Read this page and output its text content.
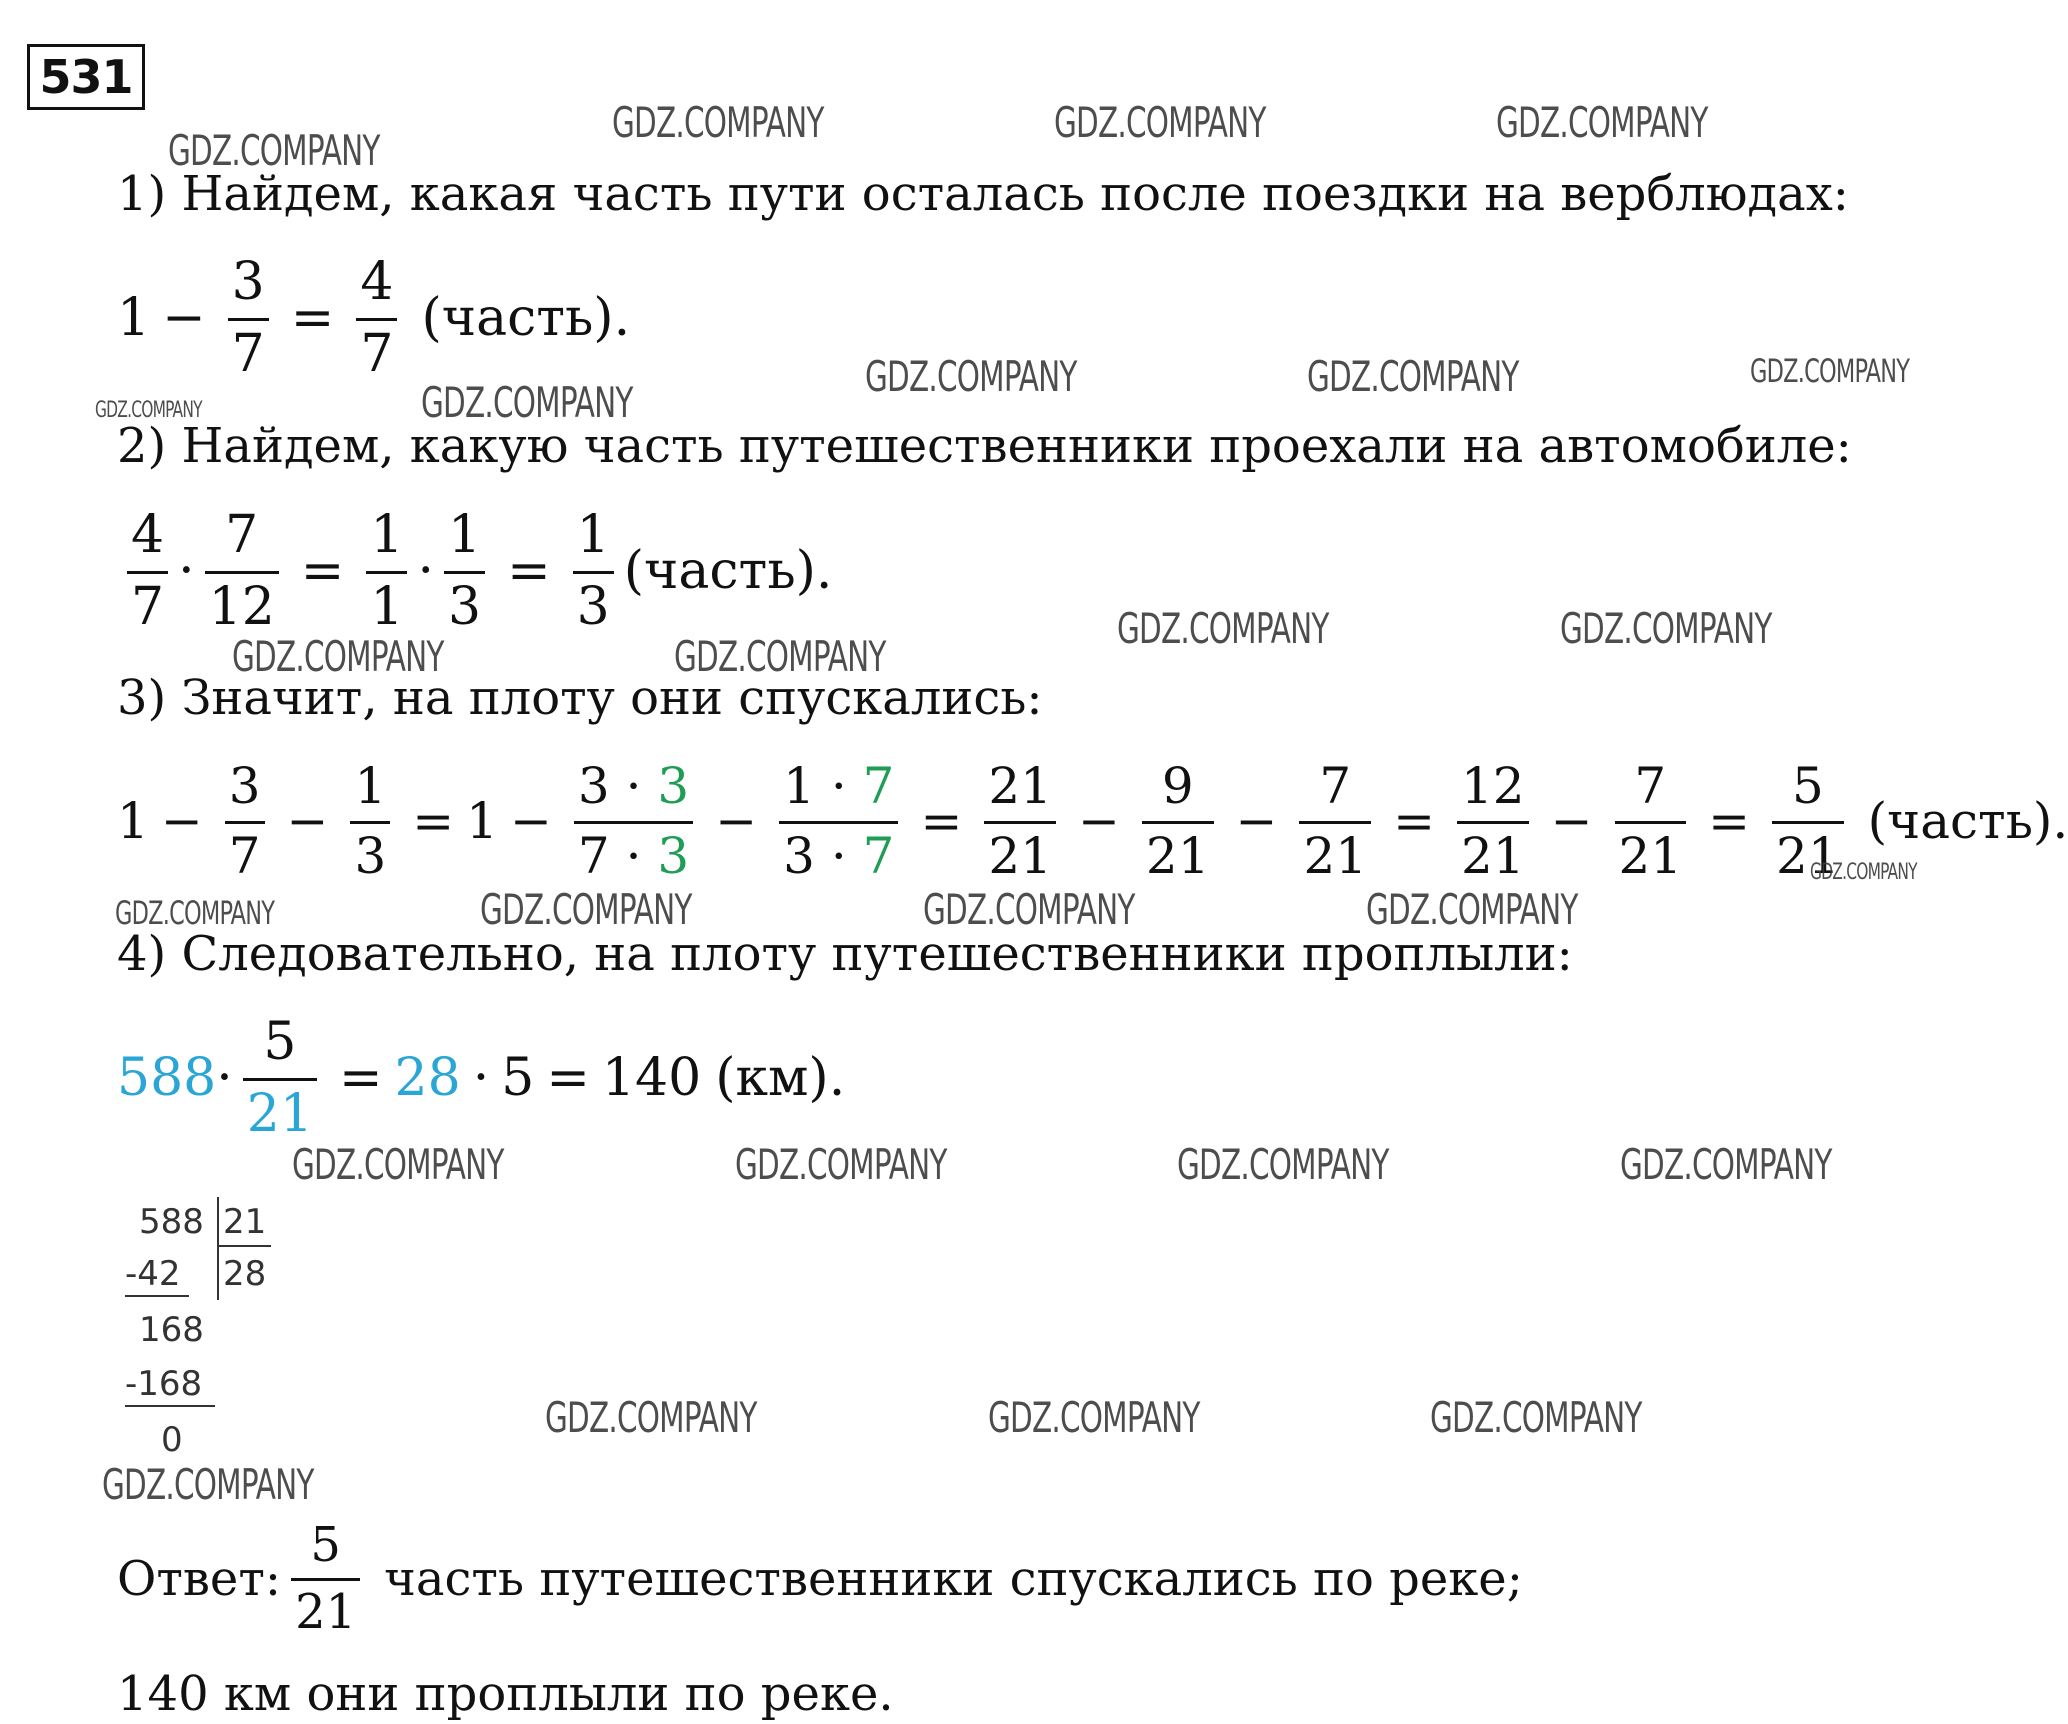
531
1) Найдем, какая часть пути осталась после поездки на верблюдах:
$1 - \frac{3}{7} = \frac{4}{7}$ (часть).
2) Найдем, какую часть путешественники проехали на автомобиле:
$\frac{4}{7} \cdot \frac{7}{12} = \frac{1}{1} \cdot \frac{1}{3} = \frac{1}{3}$ (часть).
3) Значит, на плоту они спускались:
$1 - \frac{3}{7} - \frac{1}{3} = 1 - \frac{3 \cdot 3}{7 \cdot 3} - \frac{1 \cdot 7}{3 \cdot 7} = \frac{21}{21} - \frac{9}{21} - \frac{7}{21} = \frac{12}{21} - \frac{7}{21} = \frac{5}{21}$ (часть).
4) Следовательно, на плоту путешественники проплыли:
$588 \cdot \frac{5}{21} = 28 \cdot 5 = 140$ (км).
588 21
-42 28
168
-168
0
Ответ: $\frac{5}{21}$ часть путешественники спускались по реке;
140 км они проплыли по реке.
GDZ.COMPANY
GDZ.COMPANY	GDZ.COMPANY	GDZ.COMPANY
GDZ.COMPANY	GDZ.COMPANY	GDZ.COMPANY
GDZ.COMPANY	GDZ.COMPANY
GDZ.COMPANY	GDZ.COMPANY
GDZ.COMPANY	GDZ.COMPANY
GDZ.COMPANY
GDZ.COMPANY	GDZ.COMPANY	GDZ.COMPANY	GDZ.COMPANY
GDZ.COMPANY	GDZ.COMPANY	GDZ.COMPANY	GDZ.COMPANY
GDZ.COMPANY	GDZ.COMPANY	GDZ.COMPANY
GDZ.COMPANY
